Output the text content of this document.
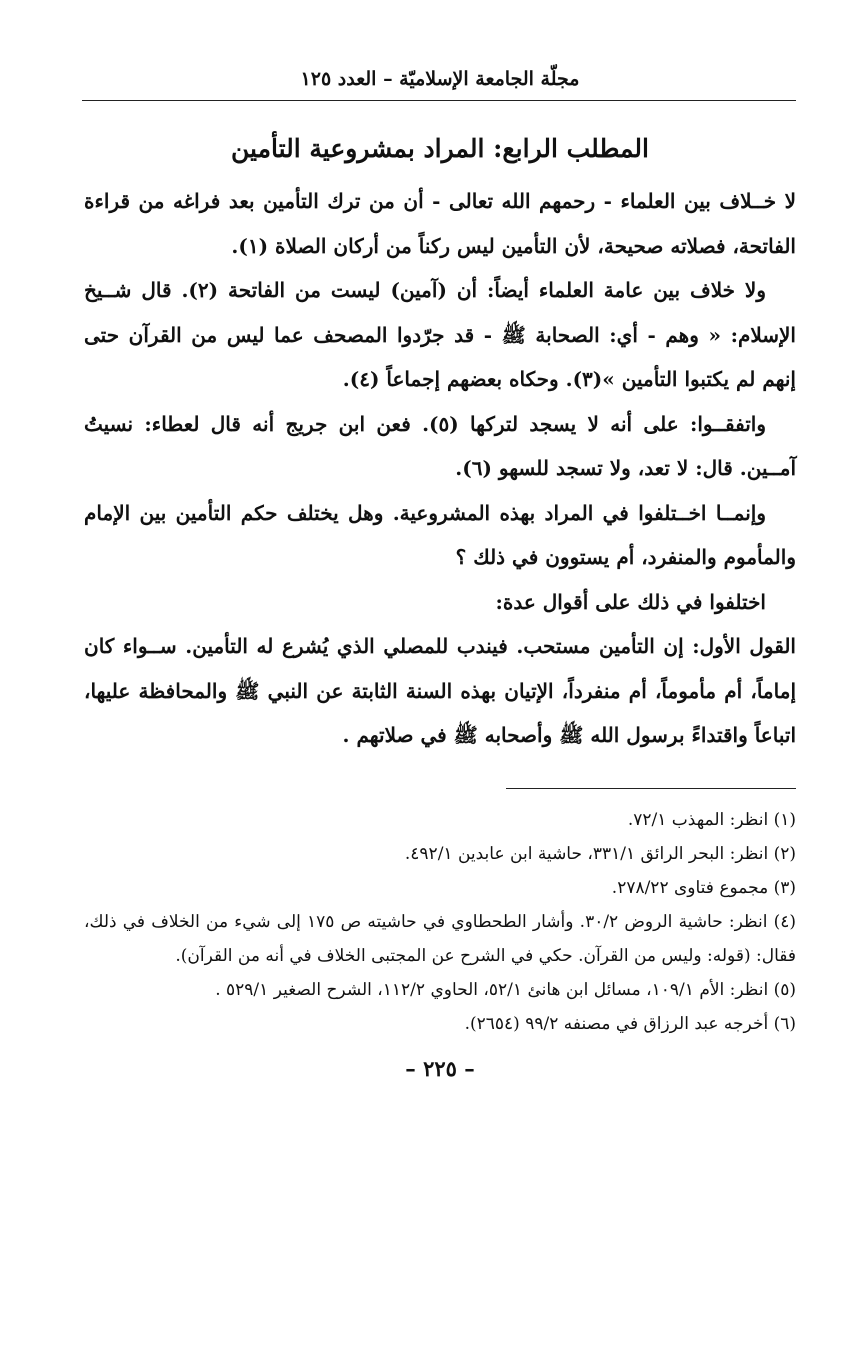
مجلّة الجامعة الإسلاميّة – العدد ١٢٥
المطلب الرابع: المراد بمشروعية التأمين

لا خــلاف بين العلماء - رحمهم الله تعالى - أن من ترك التأمين بعد فراغه من قراءة الفاتحة، فصلاته صحيحة، لأن التأمين ليس ركناً من أركان الصلاة (١).

ولا خلاف بين عامة العلماء أيضاً: أن (آمين) ليست من الفاتحة (٢). قال شــيخ الإسلام: « وهم - أي: الصحابة ﷺ - قد جرّدوا المصحف عما ليس من القرآن حتى إنهم لم يكتبوا التأمين »(٣). وحكاه بعضهم إجماعاً (٤).

واتفقــوا: على أنه لا يسجد لتركها (٥). فعن ابن جريج أنه قال لعطاء: نسيتُ آمــين. قال: لا تعد، ولا تسجد للسهو (٦).

وإنمــا اخــتلفوا في المراد بهذه المشروعية. وهل يختلف حكم التأمين بين الإمام والمأموم والمنفرد، أم يستوون في ذلك ؟

اختلفوا في ذلك على أقوال عدة:

القول الأول: إن التأمين مستحب. فيندب للمصلي الذي يُشرع له التأمين. ســواء كان إماماً، أم مأموماً، أم منفرداً، الإتيان بهذه السنة الثابتة عن النبي ﷺ والمحافظة عليها، اتباعاً واقتداءً برسول الله ﷺ وأصحابه ﷺ في صلاتهم .

(١) انظر: المهذب ٧٢/١.

(٢) انظر: البحر الرائق ٣٣١/١، حاشية ابن عابدين ٤٩٢/١.

(٣) مجموع فتاوى ٢٧٨/٢٢.

(٤) انظر: حاشية الروض ٣٠/٢. وأشار الطحطاوي في حاشيته ص ١٧٥ إلى شيء من الخلاف في ذلك، فقال: (قوله: وليس من القرآن. حكي في الشرح عن المجتبى الخلاف في أنه من القرآن).

(٥) انظر: الأم ١٠٩/١، مسائل ابن هانئ ٥٢/١، الحاوي ١١٢/٢، الشرح الصغير ٥٢٩/١ .

(٦) أخرجه عبد الرزاق في مصنفه ٩٩/٢ (٢٦٥٤).

– ٢٢٥ –
